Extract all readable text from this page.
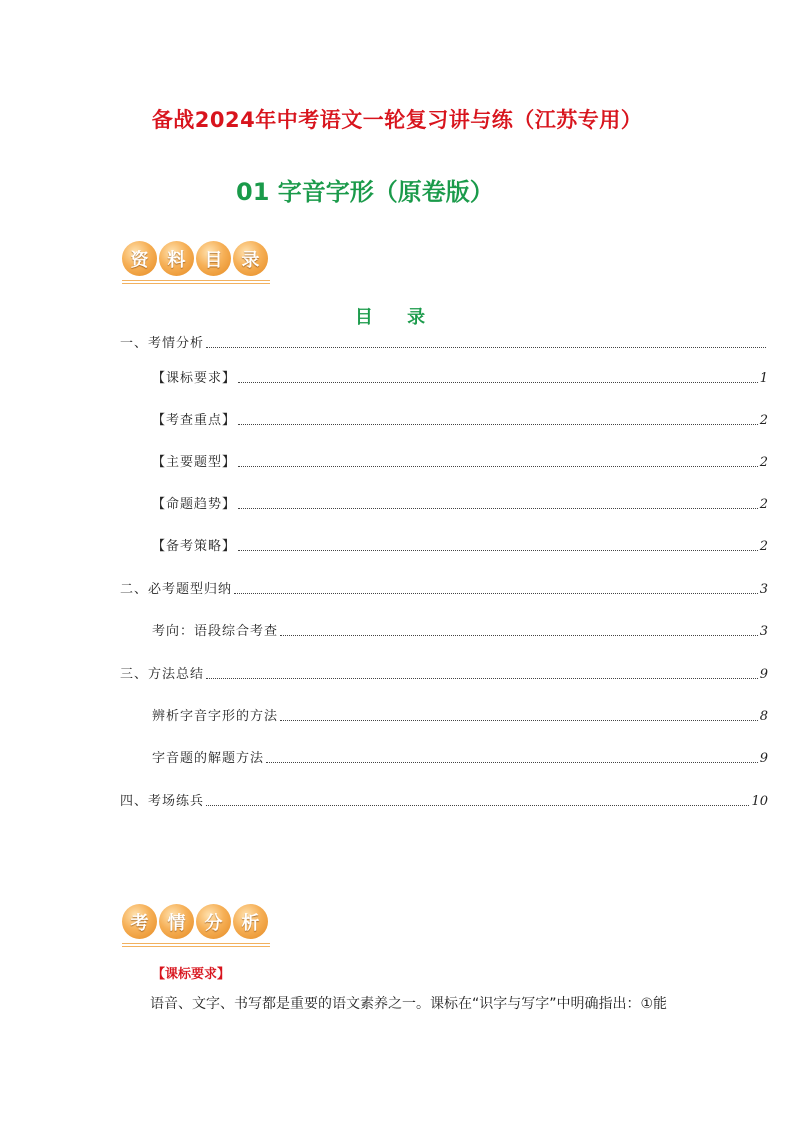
备战2024年中考语文一轮复习讲与练（江苏专用）
01 字音字形（原卷版）
资	料	目	录
目 录
一、考情分析
【课标要求】	1
【考查重点】	2
【主要题型】	2
【命题趋势】	2
【备考策略】	2
二、必考题型归纳	3
考向：语段综合考查	3
三、方法总结	9
辨析字音字形的方法	8
字音题的解题方法	9
四、考场练兵	10
考	情	分	析
【课标要求】
语音、文字、书写都是重要的语文素养之一。课标在“识字与写字”中明确指出：①能
